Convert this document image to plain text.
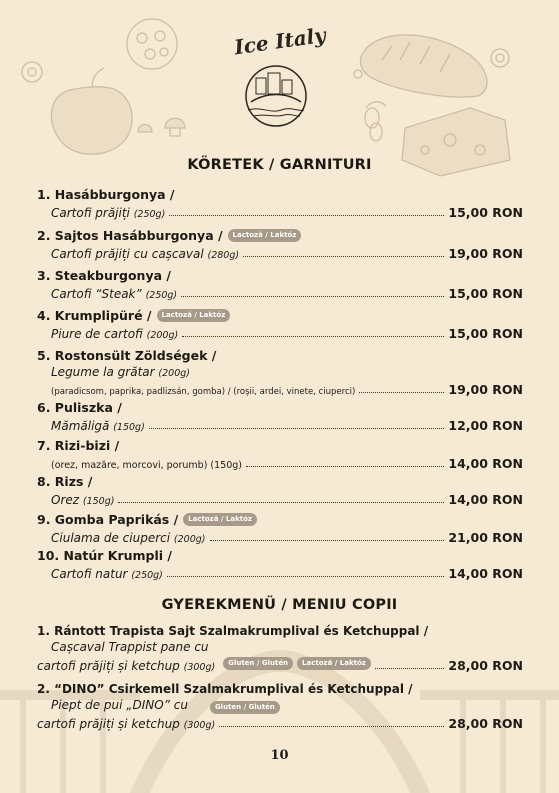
Ice Italy
KÖRETEK / GARNITURI
1. Hasábburgonya /
Cartofi prăjiți (250g)	15,00 RON
2. Sajtos Hasábburgonya /	Lactoză / Laktóz
Cartofi prăjiți cu cașcaval (280g)	19,00 RON
3. Steakburgonya /
Cartofi “Steak” (250g)	15,00 RON
4. Krumplipüré /	Lactoză / Laktóz
Piure de cartofi (200g)	15,00 RON
5. Rostonsült Zöldségek /
Legume la grătar (200g)
(paradicsom, paprika, padlizsán, gomba) / (roșii, ardei, vinete, ciuperci)	19,00 RON
6. Puliszka /
Mămăligă (150g)	12,00 RON
7. Rizi-bizi /
(orez, mazăre, morcovi, porumb) (150g)	14,00 RON
8. Rizs /
Orez (150g)	14,00 RON
9. Gomba Paprikás /	Lactoză / Laktóz
Ciulama de ciuperci (200g)	21,00 RON
10. Natúr Krumpli /
Cartofi natur (250g)	14,00 RON
GYEREKMENÜ / MENIU COPII
1. Rántott Trapista Sajt Szalmakrumplival és Ketchuppal /
Cașcaval Trappist pane cu
cartofi prăjiți și ketchup (300g)	Gluten / Glutén	Lactoză / Laktóz	28,00 RON
2. “DINO” Csirkemell Szalmakrumplival és Ketchuppal /
Piept de pui „DINO” cu	Gluten / Glutén
cartofi prăjiți și ketchup (300g)	28,00 RON
10
